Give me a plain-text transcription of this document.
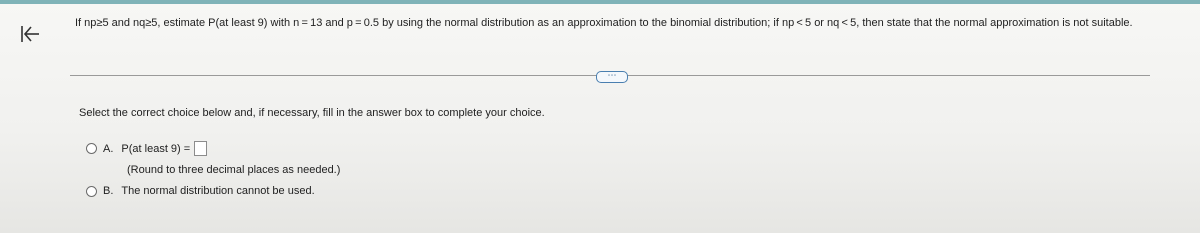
If np≥5 and nq≥5, estimate P(at least 9) with n = 13 and p = 0.5 by using the normal distribution as an approximation to the binomial distribution; if np < 5 or nq < 5, then state that the normal approximation is not suitable.
⋯
Select the correct choice below and, if necessary, fill in the answer box to complete your choice.
A. P(at least 9) =
(Round to three decimal places as needed.)
B. The normal distribution cannot be used.
